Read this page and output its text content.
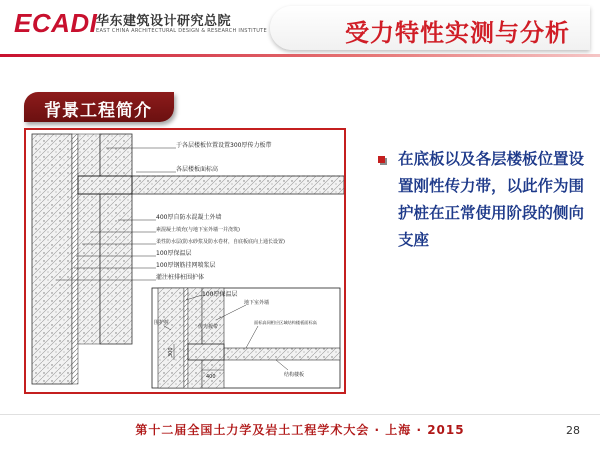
ECADI
华东建筑设计研究总院
EAST CHINA ARCHITECTURAL DESIGN & RESEARCH INSTITUTE	受力特性实测与分析
背景工程简介
于各层楼板位置设置300厚传力板带
各层楼板面标高
400厚自防水混凝土外墙
素混凝土填充(与地下室外墙一并浇筑)
柔性防水层(防水砂浆及防水卷材，自底板底向上通长设置)
100厚保温层
100厚钢筋挂网喷浆层
灌注桩排桩围护体
100厚保温层
地下室外墙
传力板带
面标高同相应区域结构楼板面标高
围护桩
结构楼板
300
400
在底板以及各层楼板位置设置刚性传力带，以此作为围护桩在正常使用阶段的侧向支座
第十二届全国土力学及岩土工程学术大会 · 上海 · 2015	28
